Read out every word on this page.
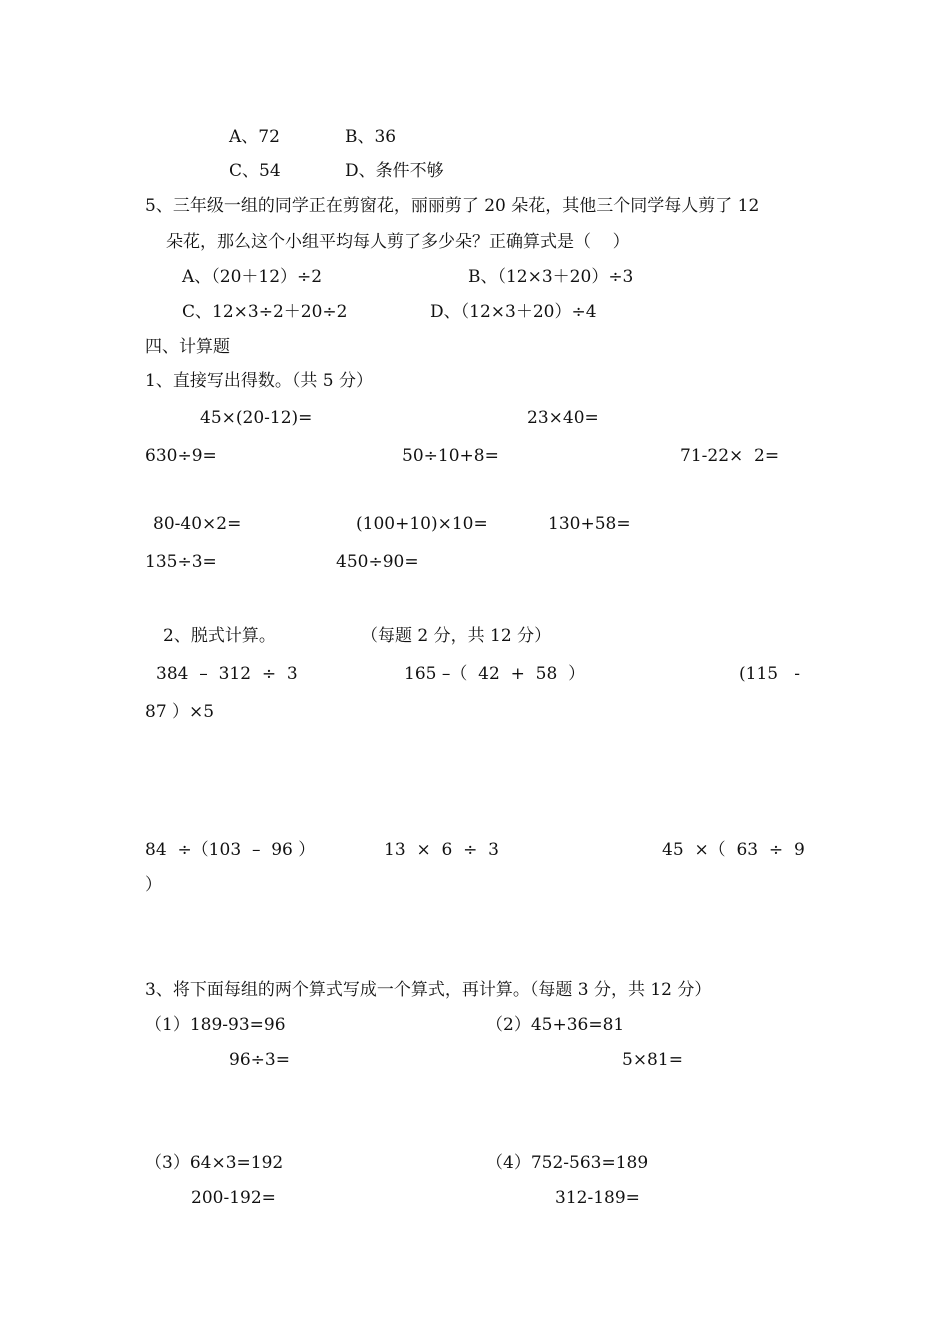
A、72	B、36
C、54	D、条件不够
5、三年级一组的同学正在剪窗花，丽丽剪了 20 朵花，其他三个同学每人剪了 12
朵花，那么这个小组平均每人剪了多少朵？正确算式是（    ）
A、（20＋12）÷2	B、（12×3＋20）÷3
C、12×3÷2＋20÷2	D、（12×3＋20）÷4
四、计算题
1、直接写出得数。（共 5 分）
45×(20-12)=	23×40=
630÷9=	50÷10+8=	71-22×  2=
80-40×2=	(100+10)×10=	130+58=
135÷3=	450÷90=
2、脱式计算。	（每题 2 分，共 12 分）
384  –  312  ÷  3	165 –（  42  +  58  ）	(115   -
87 ）×5
84  ÷（103  –  96 ）	13  ×  6  ÷  3	45  ×（  63  ÷  9
）
3、将下面每组的两个算式写成一个算式，再计算。（每题 3 分，共 12 分）
（1）189-93=96
96÷3=
（2）45+36=81
5×81=
（3）64×3=192
200-192=
（4）752-563=189
312-189=
